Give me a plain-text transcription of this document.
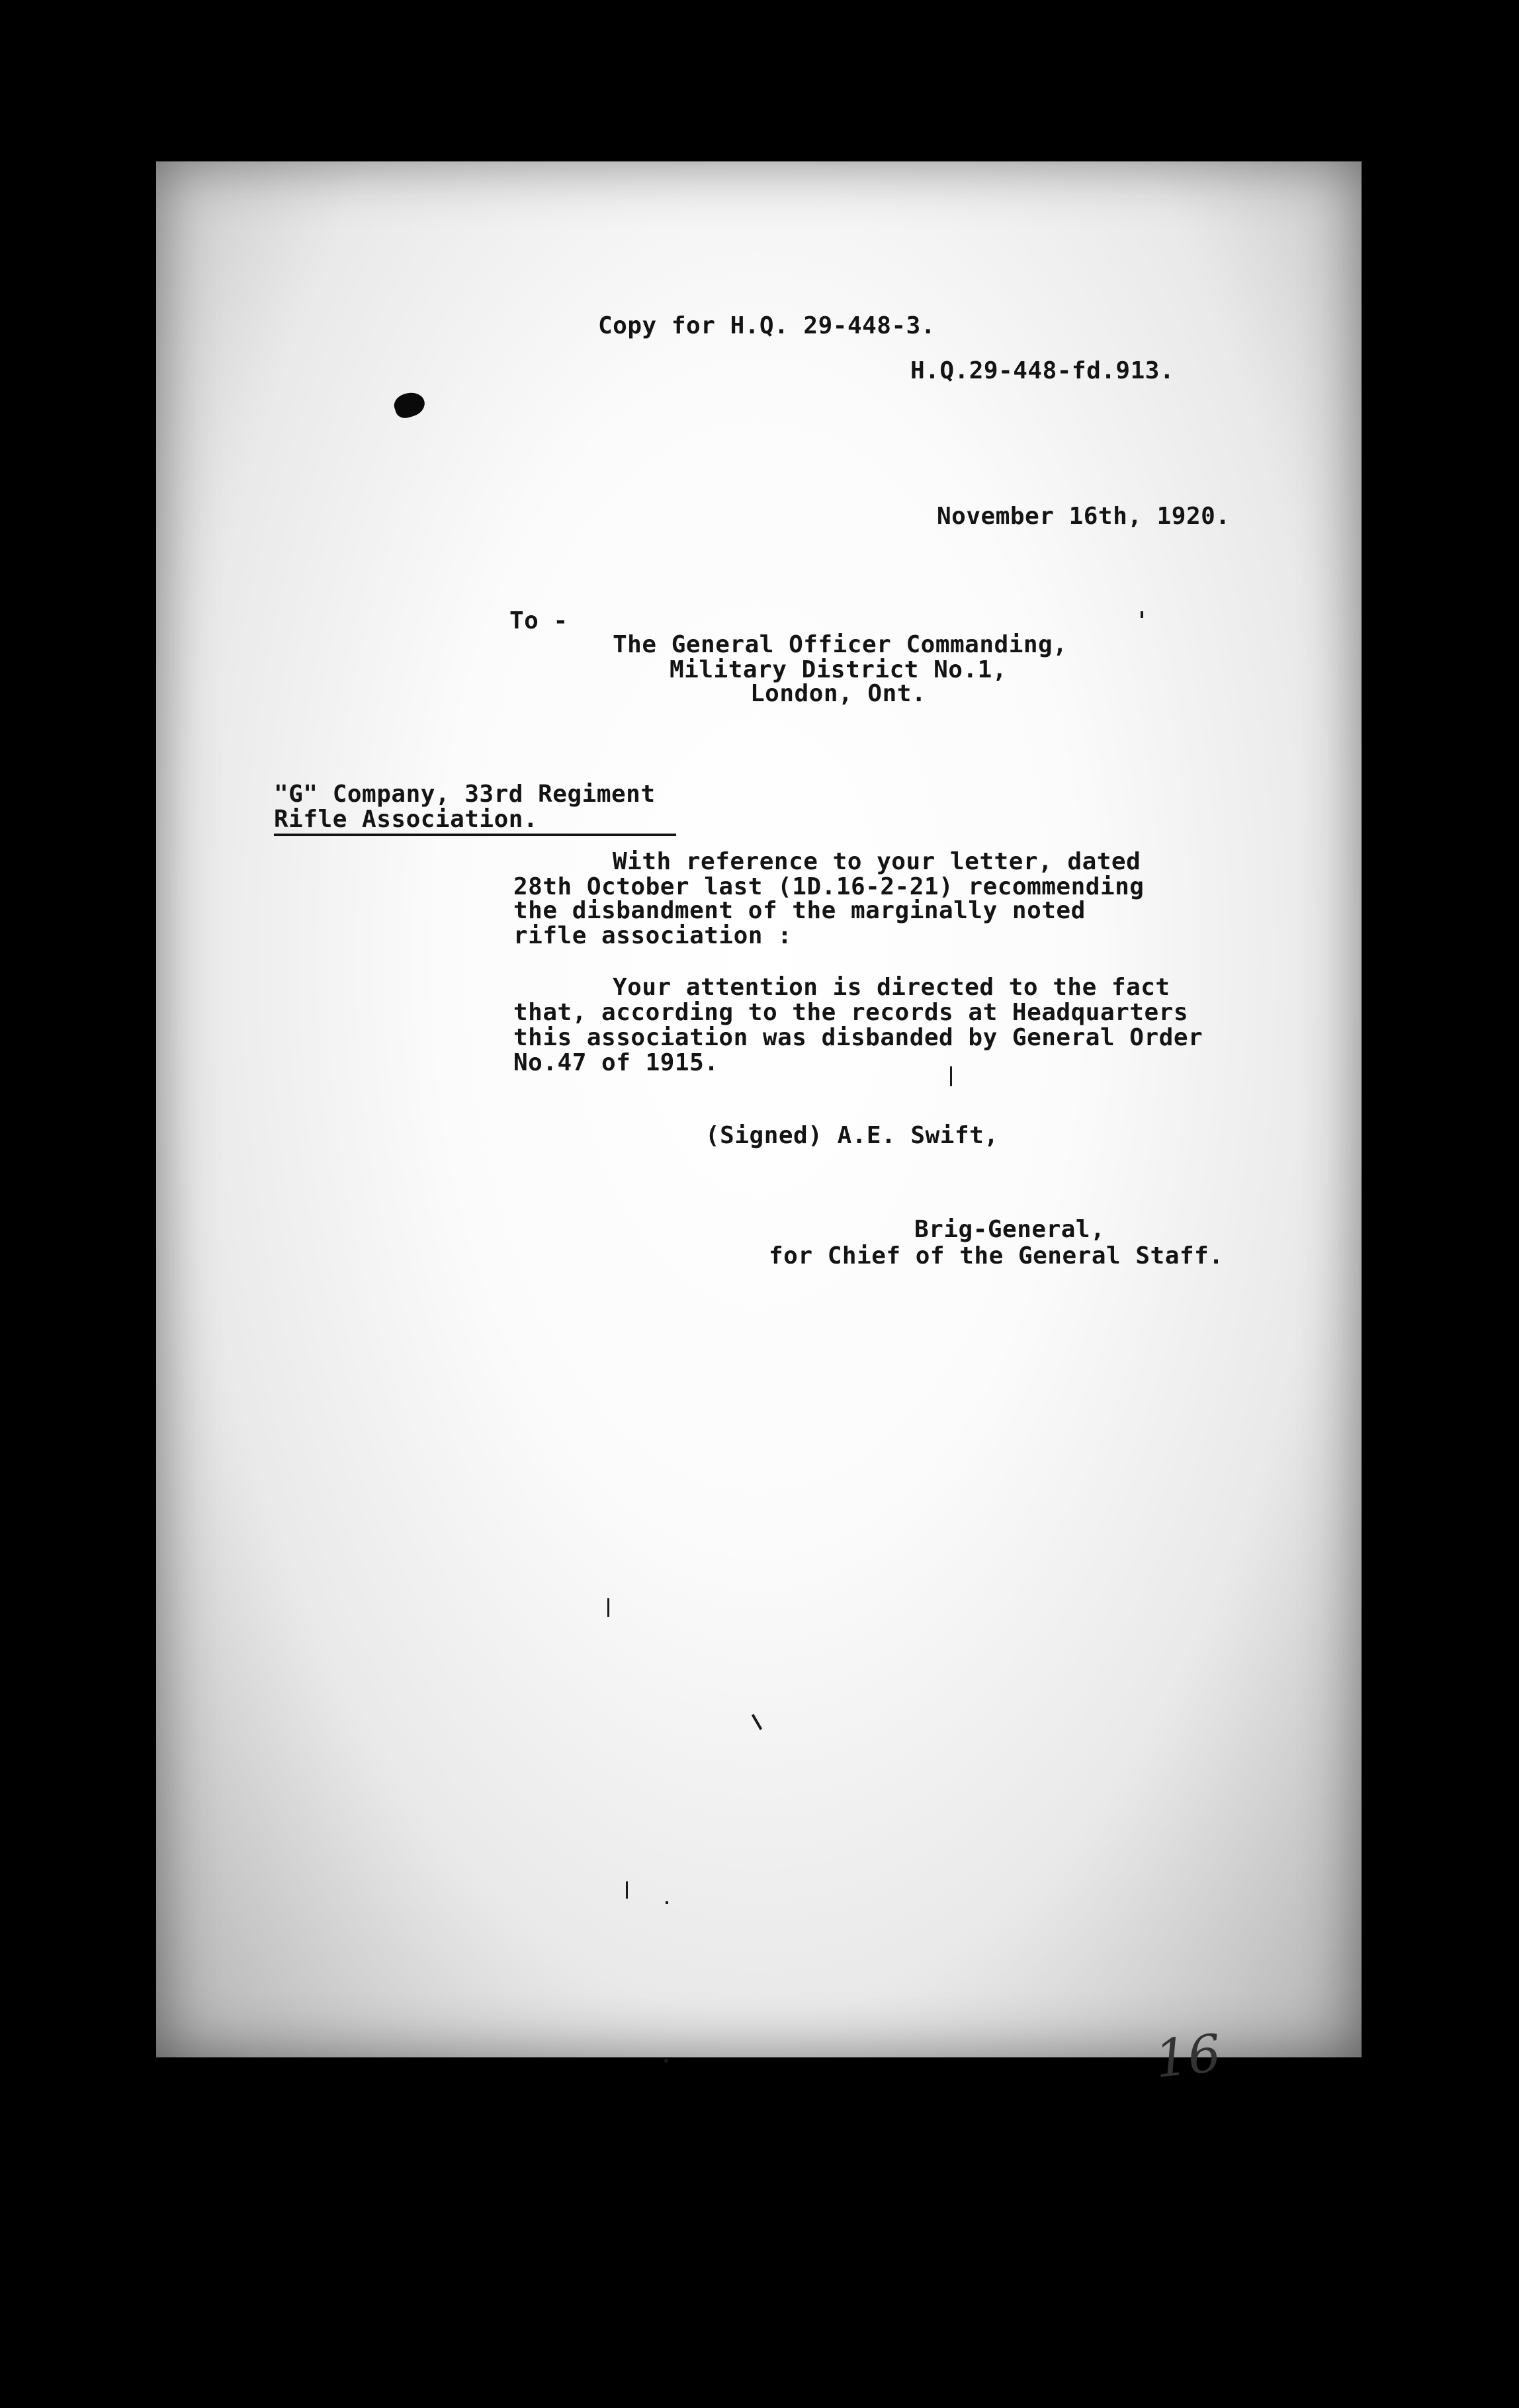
Copy for H.Q. 29-448-3.
H.Q.29-448-fd.913.
November 16th, 1920.
To -
The General Officer Commanding,
Military District No.1,
London, Ont.
"G" Company, 33rd Regiment
Rifle Association.
With reference to your letter, dated
28th October last (1D.16-2-21) recommending
the disbandment of the marginally noted
rifle association :
Your attention is directed to the fact
that, according to the records at Headquarters
this association was disbanded by General Order
No.47 of 1915.
(Signed) A.E. Swift,
Brig-General,
for Chief of the General Staff.
16
